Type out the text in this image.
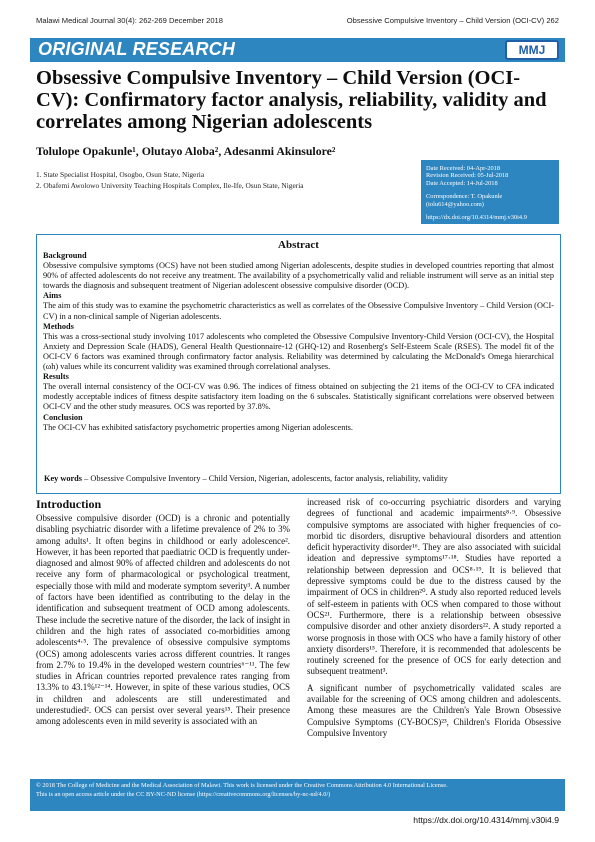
Malawi Medical Journal 30(4): 262-269 December 2018	Obsessive Compulsive Inventory – Child Version (OCI-CV) 262
ORIGINAL RESEARCH	MMJ
Obsessive Compulsive Inventory – Child Version (OCI-CV): Confirmatory factor analysis, reliability, validity and correlates among Nigerian adolescents
Tolulope Opakunle¹, Olutayo Aloba², Adesanmi Akinsulore²
1. State Specialist Hospital, Osogbo, Osun State, Nigeria
2. Obafemi Awolowo University Teaching Hospitals Complex, Ile-Ife, Osun State, Nigeria
Date Received: 04-Apr-2018
Revision Received: 05-Jul-2018
Date Accepted: 14-Jul-2018
Correspondence: T. Opakunle
(tolu614@yahoo.com)
https://dx.doi.org/10.4314/mmj.v30i4.9
Abstract

Background

Obsessive compulsive symptoms (OCS) have not been studied among Nigerian adolescents, despite studies in developed countries reporting that almost 90% of affected adolescents do not receive any treatment. The availability of a psychometrically valid and reliable instrument will serve as an initial step towards the diagnosis and subsequent treatment of Nigerian adolescent obsessive compulsive disorder (OCD).

Aims

The aim of this study was to examine the psychometric characteristics as well as correlates of the Obsessive Compulsive Inventory – Child Version (OCI-CV) in a non-clinical sample of Nigerian adolescents.

Methods

This was a cross-sectional study involving 1017 adolescents who completed the Obsessive Compulsive Inventory-Child Version (OCI-CV), the Hospital Anxiety and Depression Scale (HADS), General Health Questionnaire-12 (GHQ-12) and Rosenberg's Self-Esteem Scale (RSES). The model fit of the OCI-CV 6 factors was examined through confirmatory factor analysis. Reliability was determined by calculating the McDonald's Omega hierarchical (ωh) values while its concurrent validity was examined through correlational analyses.

Results

The overall internal consistency of the OCI-CV was 0.96. The indices of fitness obtained on subjecting the 21 items of the OCI-CV to CFA indicated modestly acceptable indices of fitness despite satisfactory item loading on the 6 subscales. Statistically significant correlations were observed between OCI-CV and the other study measures. OCS was reported by 37.8%.

Conclusion

The OCI-CV has exhibited satisfactory psychometric properties among Nigerian adolescents.

Key words – Obsessive Compulsive Inventory – Child Version, Nigerian, adolescents, factor analysis, reliability, validity
Introduction

Obsessive compulsive disorder (OCD) is a chronic and potentially disabling psychiatric disorder with a lifetime prevalence of 2% to 3% among adults¹. It often begins in childhood or early adolescence². However, it has been reported that paediatric OCD is frequently under-diagnosed and almost 90% of affected children and adolescents do not receive any form of pharmacological or psychological treatment, especially those with mild and moderate symptom severity³. A number of factors have been identified as contributing to the delay in the identification and subsequent treatment of OCD among adolescents. These include the secretive nature of the disorder, the lack of insight in children and the high rates of associated co-morbidities among adolescents⁴·⁵. The prevalence of obsessive compulsive symptoms (OCS) among adolescents varies across different countries. It ranges from 2.7% to 19.4% in the developed western countries⁶⁻¹¹. The few studies in African countries reported prevalence rates ranging from 13.3% to 43.1%¹²⁻¹⁴. However, in spite of these various studies, OCS in children and adolescents are still underestimated and underestudied². OCS can persist over several years¹⁵. Their presence among adolescents even in mild severity is associated with an

increased risk of co-occurring psychiatric disorders and varying degrees of functional and academic impairments⁸·⁹. Obsessive compulsive symptoms are associated with higher frequencies of co-morbid tic disorders, disruptive behavioural disorders and attention deficit hyperactivity disorder¹⁶. They are also associated with suicidal ideation and depressive symptoms¹⁷·¹⁸. Studies have reported a relationship between depression and OCS⁸·¹⁹. It is believed that depressive symptoms could be due to the distress caused by the impairment of OCS in children²⁰. A study also reported reduced levels of self-esteem in patients with OCS when compared to those without OCS²¹. Furthermore, there is a relationship between obsessive compulsive disorder and other anxiety disorders²². A study reported a worse prognosis in those with OCS who have a family history of other anxiety disorders¹⁵. Therefore, it is recommended that adolescents be routinely screened for the presence of OCS for early detection and subsequent treatment³.

A significant number of psychometrically validated scales are available for the screening of OCS among children and adolescents. Among these measures are the Children's Yale Brown Obsessive Compulsive Symptoms (CY-BOCS)²³, Children's Florida Obsessive Compulsive Inventory

© 2018 The College of Medicine and the Medical Association of Malawi. This work is licensed under the Creative Commons Attribution 4.0 International License.
This is an open access article under the CC BY-NC-ND license (https://creativecommons.org/licenses/by-nc-nd/4.0/)
https://dx.doi.org/10.4314/mmj.v30i4.9
